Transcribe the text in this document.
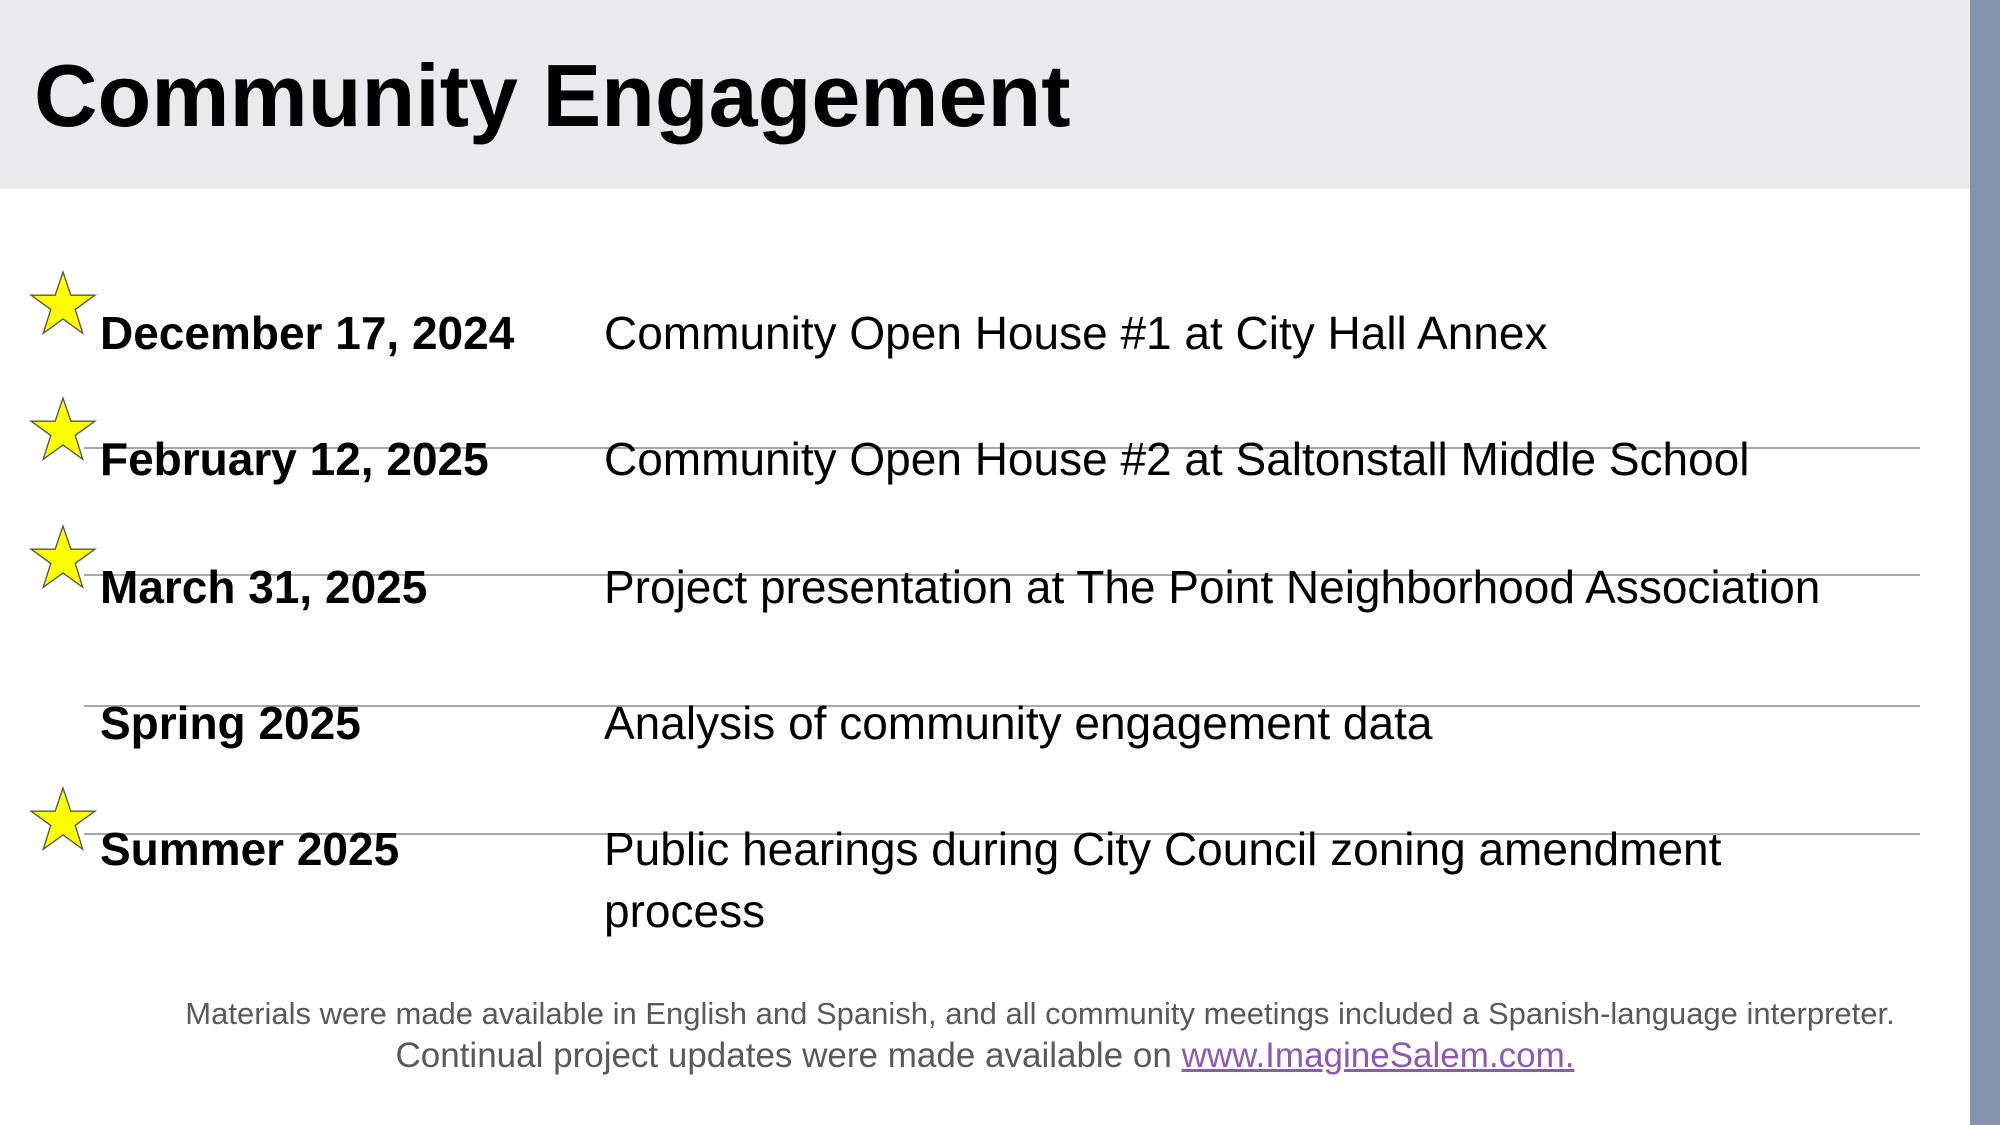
Community Engagement
December 17, 2024 Community Open House #1 at City Hall Annex
February 12, 2025	Community Open House #2 at Saltonstall Middle School
March 31, 2025	Project presentation at The Point Neighborhood Association
Spring 2025	Analysis of community engagement data
Summer 2025	Public hearings during City Council zoning amendment process
Materials were made available in English and Spanish, and all community meetings included a Spanish-language interpreter.
Continual project updates were made available on www.ImagineSalem.com.
